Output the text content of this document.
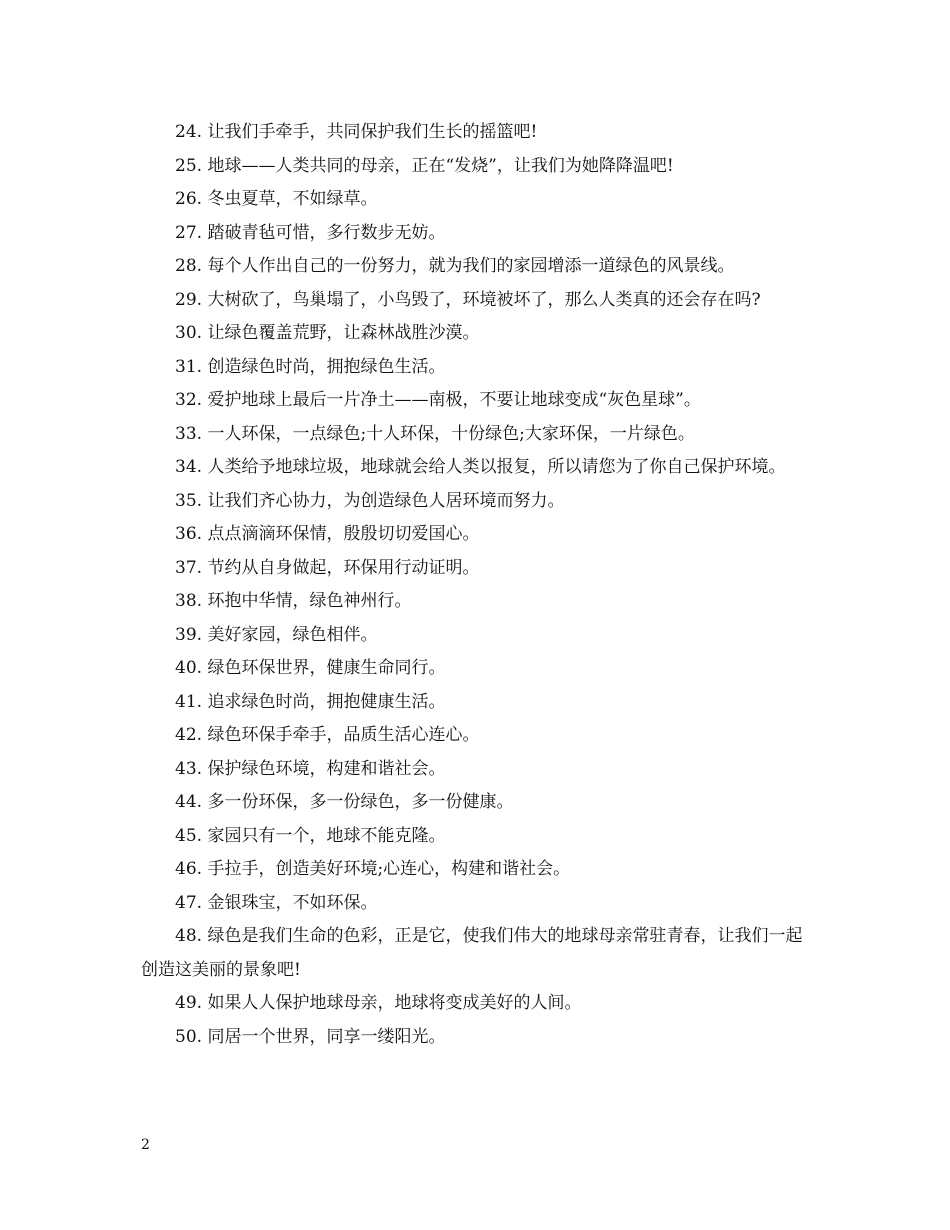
24. 让我们手牵手，共同保护我们生长的摇篮吧!

25. 地球——人类共同的母亲，正在“发烧”，让我们为她降降温吧!

26. 冬虫夏草，不如绿草。

27. 踏破青毡可惜，多行数步无妨。

28. 每个人作出自己的一份努力，就为我们的家园增添一道绿色的风景线。

29. 大树砍了，鸟巢塌了，小鸟毁了，环境被坏了，那么人类真的还会存在吗?

30. 让绿色覆盖荒野，让森林战胜沙漠。

31. 创造绿色时尚，拥抱绿色生活。

32. 爱护地球上最后一片净土——南极，不要让地球变成“灰色星球”。

33. 一人环保，一点绿色;十人环保，十份绿色;大家环保，一片绿色。

34. 人类给予地球垃圾，地球就会给人类以报复，所以请您为了你自己保护环境。

35. 让我们齐心协力，为创造绿色人居环境而努力。

36. 点点滴滴环保情，殷殷切切爱国心。

37. 节约从自身做起，环保用行动证明。

38. 环抱中华情，绿色神州行。

39. 美好家园，绿色相伴。

40. 绿色环保世界，健康生命同行。

41. 追求绿色时尚，拥抱健康生活。

42. 绿色环保手牵手，品质生活心连心。

43. 保护绿色环境，构建和谐社会。

44. 多一份环保，多一份绿色，多一份健康。

45. 家园只有一个，地球不能克隆。

46. 手拉手，创造美好环境;心连心，构建和谐社会。

47. 金银珠宝，不如环保。

48. 绿色是我们生命的色彩，正是它，使我们伟大的地球母亲常驻青春，让我们一起创造这美丽的景象吧!

49. 如果人人保护地球母亲，地球将变成美好的人间。

50. 同居一个世界，同享一缕阳光。

2
